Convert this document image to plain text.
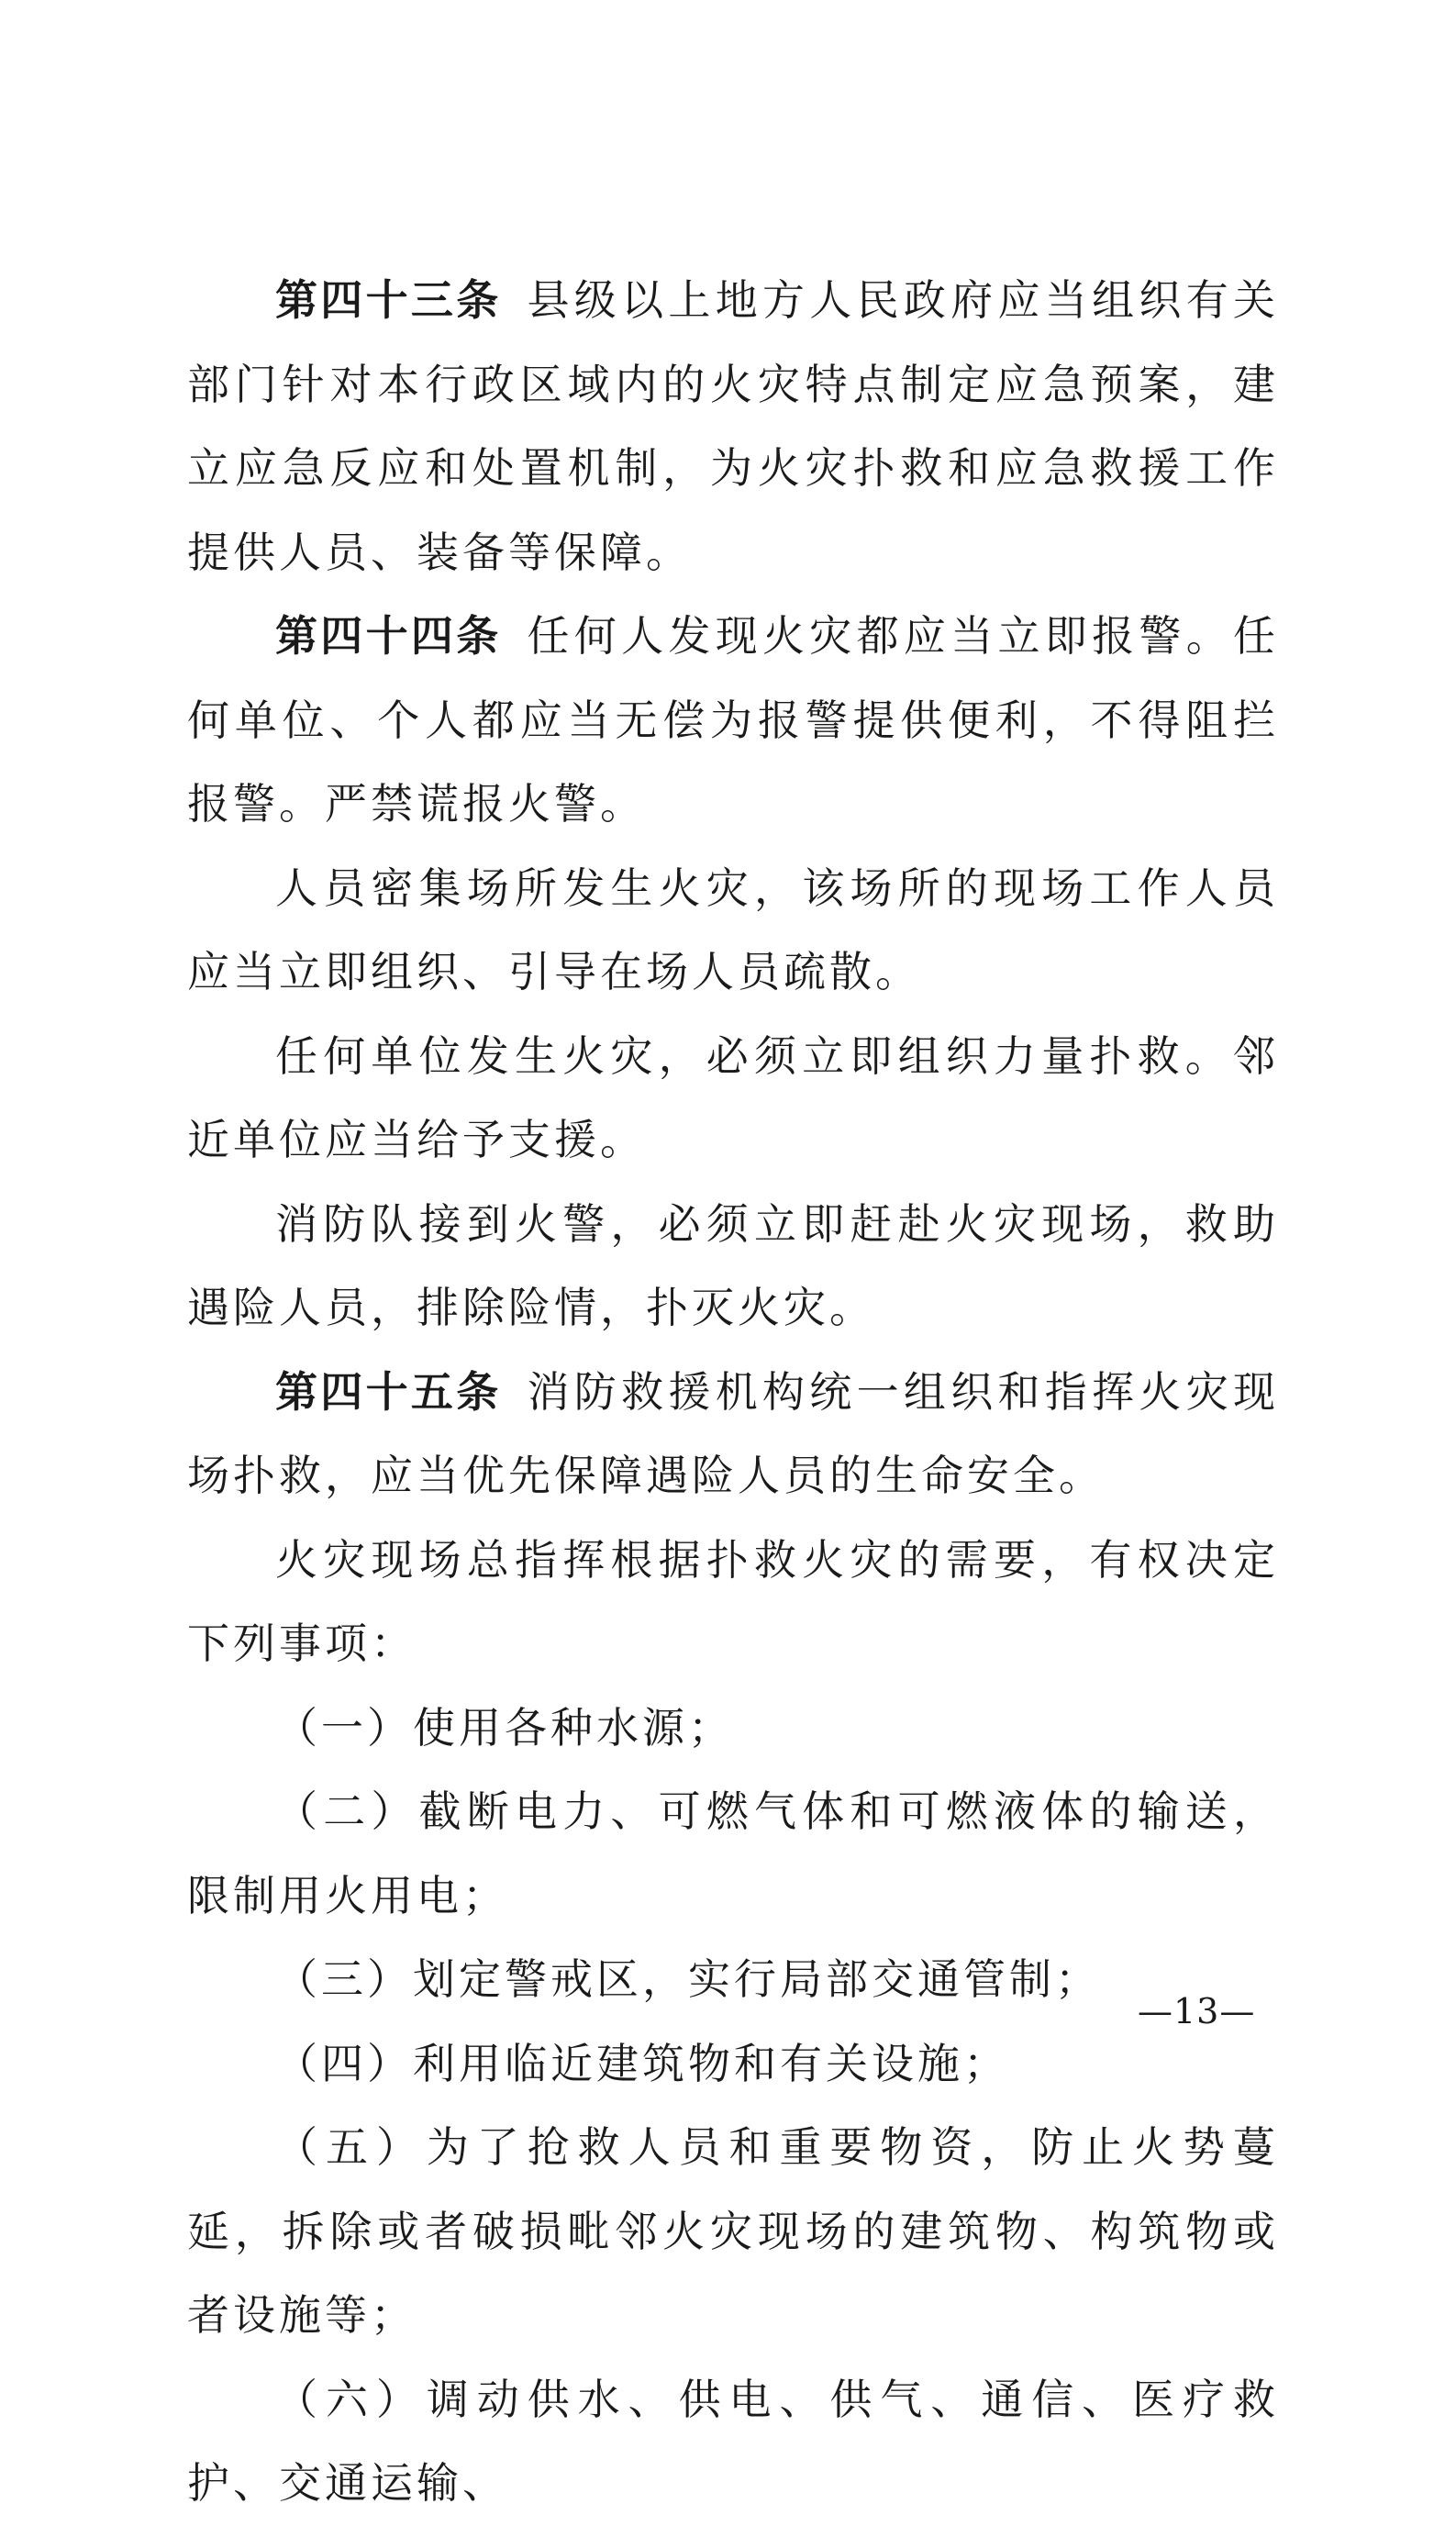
第四十三条 县级以上地方人民政府应当组织有关部门针对本行政区域内的火灾特点制定应急预案，建立应急反应和处置机制，为火灾扑救和应急救援工作提供人员、装备等保障。

第四十四条 任何人发现火灾都应当立即报警。任何单位、个人都应当无偿为报警提供便利，不得阻拦报警。严禁谎报火警。

人员密集场所发生火灾，该场所的现场工作人员应当立即组织、引导在场人员疏散。

任何单位发生火灾，必须立即组织力量扑救。邻近单位应当给予支援。

消防队接到火警，必须立即赶赴火灾现场，救助遇险人员，排除险情，扑灭火灾。

第四十五条 消防救援机构统一组织和指挥火灾现场扑救，应当优先保障遇险人员的生命安全。

火灾现场总指挥根据扑救火灾的需要，有权决定下列事项：

（一）使用各种水源；

（二）截断电力、可燃气体和可燃液体的输送，限制用火用电；

（三）划定警戒区，实行局部交通管制；

（四）利用临近建筑物和有关设施；

（五）为了抢救人员和重要物资，防止火势蔓延，拆除或者破损毗邻火灾现场的建筑物、构筑物或者设施等；

（六）调动供水、供电、供气、通信、医疗救护、交通运输、

—13—
